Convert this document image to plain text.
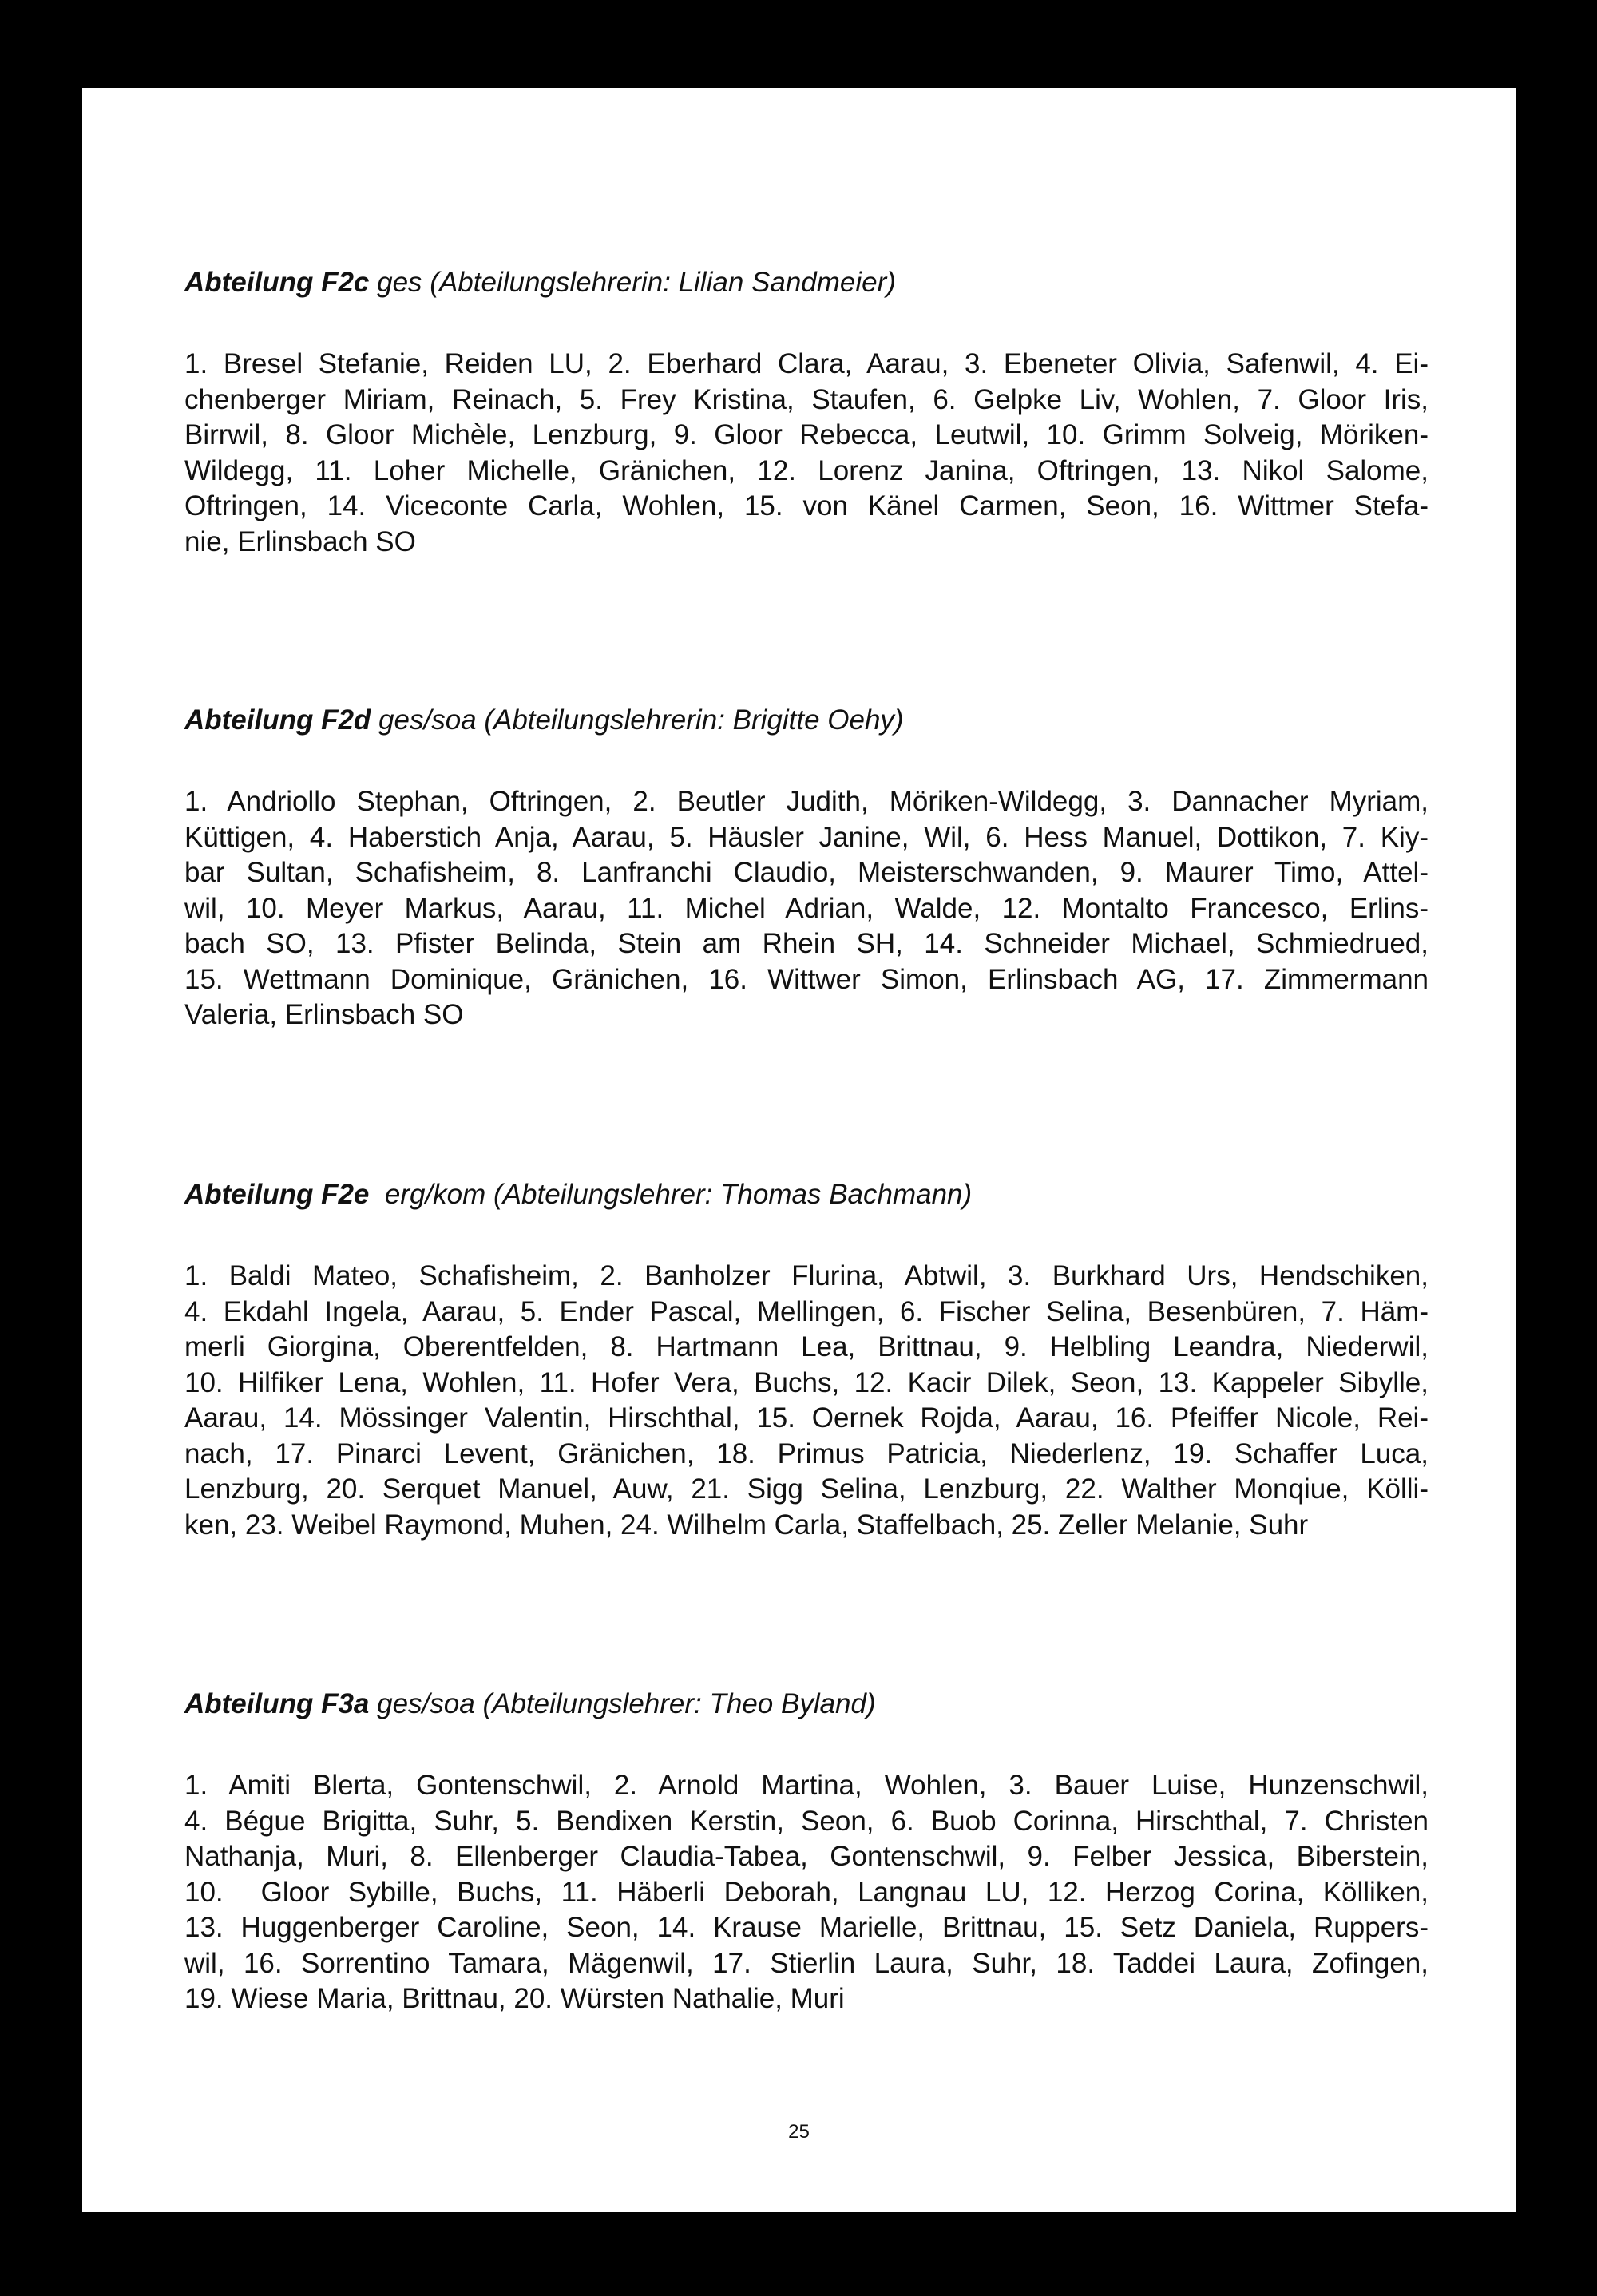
Abteilung F2c ges (Abteilungslehrerin: Lilian Sandmeier)

1. Bresel Stefanie, Reiden LU, 2. Eberhard Clara, Aarau, 3. Ebeneter Olivia, Safenwil, 4. Ei-

chenberger Miriam, Reinach, 5. Frey Kristina, Staufen, 6. Gelpke Liv, Wohlen, 7. Gloor Iris,

Birrwil, 8. Gloor Michèle, Lenzburg, 9. Gloor Rebecca, Leutwil, 10. Grimm Solveig, Möriken-

Wildegg, 11. Loher Michelle, Gränichen, 12. Lorenz Janina, Oftringen, 13. Nikol Salome,

Oftringen, 14. Viceconte Carla, Wohlen, 15. von Känel Carmen, Seon, 16. Wittmer Stefa-

nie, Erlinsbach SO

Abteilung F2d ges/soa (Abteilungslehrerin: Brigitte Oehy)

1. Andriollo Stephan, Oftringen, 2. Beutler Judith, Möriken-Wildegg, 3. Dannacher Myriam,

Küttigen, 4. Haberstich Anja, Aarau, 5. Häusler Janine, Wil, 6. Hess Manuel, Dottikon, 7. Kiy-

bar Sultan, Schafisheim, 8. Lanfranchi Claudio, Meisterschwanden, 9. Maurer Timo, Attel-

wil, 10. Meyer Markus, Aarau, 11. Michel Adrian, Walde, 12. Montalto Francesco, Erlins-

bach SO, 13. Pfister Belinda, Stein am Rhein SH, 14. Schneider Michael, Schmiedrued,

15. Wettmann Dominique, Gränichen, 16. Wittwer Simon, Erlinsbach AG, 17. Zimmermann

Valeria, Erlinsbach SO

Abteilung F2e  erg/kom (Abteilungslehrer: Thomas Bachmann)

1. Baldi Mateo, Schafisheim, 2. Banholzer Flurina, Abtwil, 3. Burkhard Urs, Hendschiken,

4. Ekdahl Ingela, Aarau, 5. Ender Pascal, Mellingen, 6. Fischer Selina, Besenbüren, 7. Häm-

merli Giorgina, Oberentfelden, 8. Hartmann Lea, Brittnau, 9. Helbling Leandra, Niederwil,

10. Hilfiker Lena, Wohlen, 11. Hofer Vera, Buchs, 12. Kacir Dilek, Seon, 13. Kappeler Sibylle,

Aarau, 14. Mössinger Valentin, Hirschthal, 15. Oernek Rojda, Aarau, 16. Pfeiffer Nicole, Rei-

nach, 17. Pinarci Levent, Gränichen, 18. Primus Patricia, Niederlenz, 19. Schaffer Luca,

Lenzburg, 20. Serquet Manuel, Auw, 21. Sigg Selina, Lenzburg, 22. Walther Monqiue, Kölli-

ken, 23. Weibel Raymond, Muhen, 24. Wilhelm Carla, Staffelbach, 25. Zeller Melanie, Suhr

Abteilung F3a ges/soa (Abteilungslehrer: Theo Byland)

1. Amiti Blerta, Gontenschwil, 2. Arnold Martina, Wohlen, 3. Bauer Luise, Hunzenschwil,

4. Bégue Brigitta, Suhr, 5. Bendixen Kerstin, Seon, 6. Buob Corinna, Hirschthal, 7. Christen

Nathanja, Muri, 8. Ellenberger Claudia-Tabea, Gontenschwil, 9. Felber Jessica, Biberstein,

10.  Gloor Sybille, Buchs, 11. Häberli Deborah, Langnau LU, 12. Herzog Corina, Kölliken,

13. Huggenberger Caroline, Seon, 14. Krause Marielle, Brittnau, 15. Setz Daniela, Ruppers-

wil, 16. Sorrentino Tamara, Mägenwil, 17. Stierlin Laura, Suhr, 18. Taddei Laura, Zofingen,

19. Wiese Maria, Brittnau, 20. Würsten Nathalie, Muri

25
